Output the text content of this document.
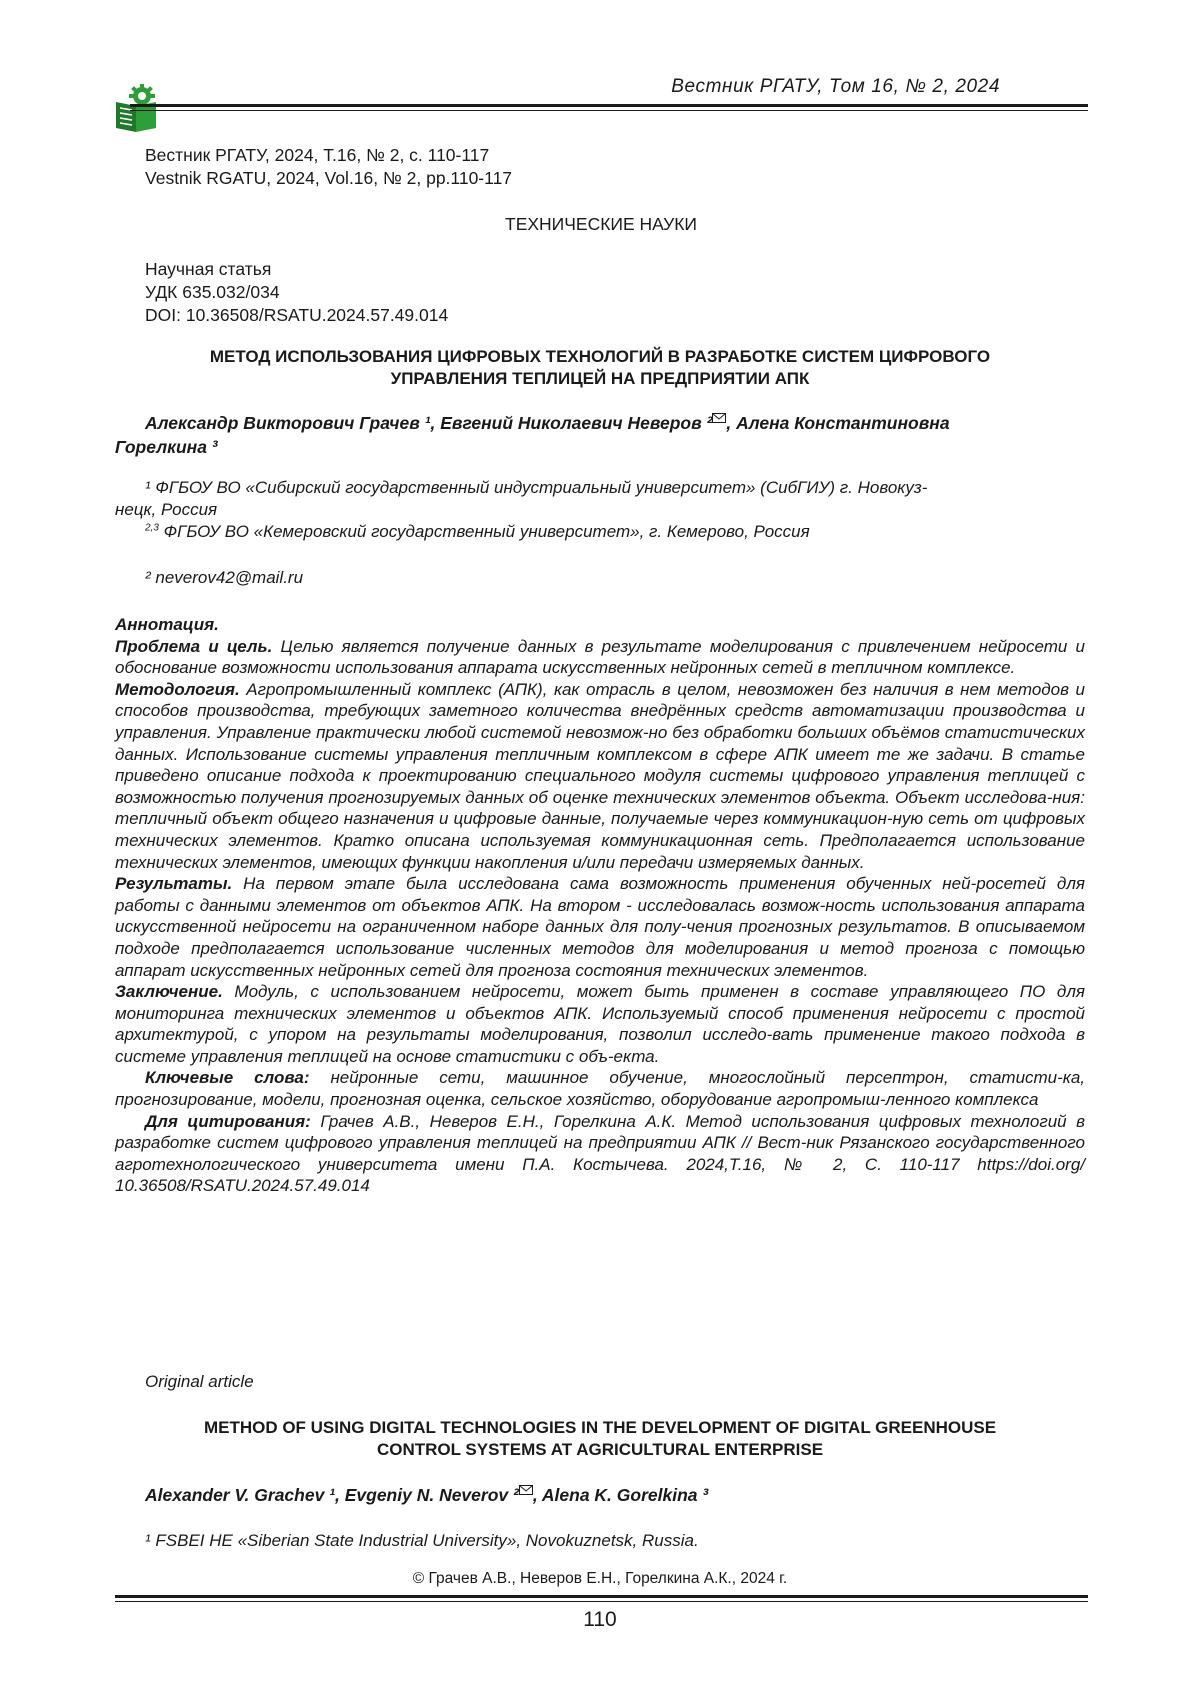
Вестник РГАТУ, Том 16, № 2, 2024
Вестник РГАТУ, 2024, Т.16, № 2, с. 110-117
Vestnik RGATU, 2024, Vol.16, № 2, pp.110-117
ТЕХНИЧЕСКИЕ НАУКИ
Научная статья
УДК 635.032/034
DOI: 10.36508/RSATU.2024.57.49.014
МЕТОД ИСПОЛЬЗОВАНИЯ ЦИФРОВЫХ ТЕХНОЛОГИЙ В РАЗРАБОТКЕ СИСТЕМ ЦИФРОВОГО
УПРАВЛЕНИЯ ТЕПЛИЦЕЙ НА ПРЕДПРИЯТИИ АПК
Александр Викторович Грачев ¹, Евгений Николаевич Неверов ² , Алена Константиновна
Горелкина ³
¹ ФГБОУ ВО «Сибирский государственный индустриальный университет» (СибГИУ) г. Новокуз-
нецк, Россия
$^{2,3}$ ФГБОУ ВО «Кемеровский государственный университет», г. Кемерово, Россия
² neverov42@mail.ru

Аннотация.

Проблема и цель. Целью является получение данных в результате моделирования с привлечением нейросети и обоснование возможности использования аппарата искусственных нейронных сетей в тепличном комплексе.

Методология. Агропромышленный комплекс (АПК), как отрасль в целом, невозможен без наличия в нем методов и способов производства, требующих заметного количества внедрённых средств автоматизации производства и управления. Управление практически любой системой невозмож-но без обработки больших объёмов статистических данных. Использование системы управления тепличным комплексом в сфере АПК имеет те же задачи. В статье приведено описание подхода к проектированию специального модуля системы цифрового управления теплицей с возможностью получения прогнозируемых данных об оценке технических элементов объекта. Объект исследова-ния: тепличный объект общего назначения и цифровые данные, получаемые через коммуникацион-ную сеть от цифровых технических элементов. Кратко описана используемая коммуникационная сеть. Предполагается использование технических элементов, имеющих функции накопления и/или передачи измеряемых данных.

Результаты. На первом этапе была исследована сама возможность применения обученных ней-росетей для работы с данными элементов от объектов АПК. На втором - исследовалась возмож-ность использования аппарата искусственной нейросети на ограниченном наборе данных для полу-чения прогнозных результатов. В описываемом подходе предполагается использование численных методов для моделирования и метод прогноза с помощью аппарат искусственных нейронных сетей для прогноза состояния технических элементов.

Заключение. Модуль, с использованием нейросети, может быть применен в составе управляющего ПО для мониторинга технических элементов и объектов АПК. Используемый способ применения нейросети с простой архитектурой, с упором на результаты моделирования, позволил исследо-вать применение такого подхода в системе управления теплицей на основе статистики с объ-екта.

Ключевые слова: нейронные сети, машинное обучение, многослойный персептрон, статисти-ка, прогнозирование, модели, прогнозная оценка, сельское хозяйство, оборудование агропромыш-ленного комплекса

Для цитирования: Грачев А.В., Неверов Е.Н., Горелкина А.К. Метод использования цифровых технологий в разработке систем цифрового управления теплицей на предприятии АПК // Вест-ник Рязанского государственного агротехнологического университета имени П.А. Костычева. 2024,Т.16, № 2, С. 110-117 https://doi.org/ 10.36508/RSATU.2024.57.49.014

Original article
METHOD OF USING DIGITAL TECHNOLOGIES IN THE DEVELOPMENT OF DIGITAL GREENHOUSE
CONTROL SYSTEMS AT AGRICULTURAL ENTERPRISE
Alexander V. Grachev ¹, Evgeniy N. Neverov ² , Alena K. Gorelkina ³
¹ FSBEI HE «Siberian State Industrial University», Novokuznetsk, Russia.
© Грачев А.В., Неверов Е.Н., Горелкина А.К., 2024 г.
110
